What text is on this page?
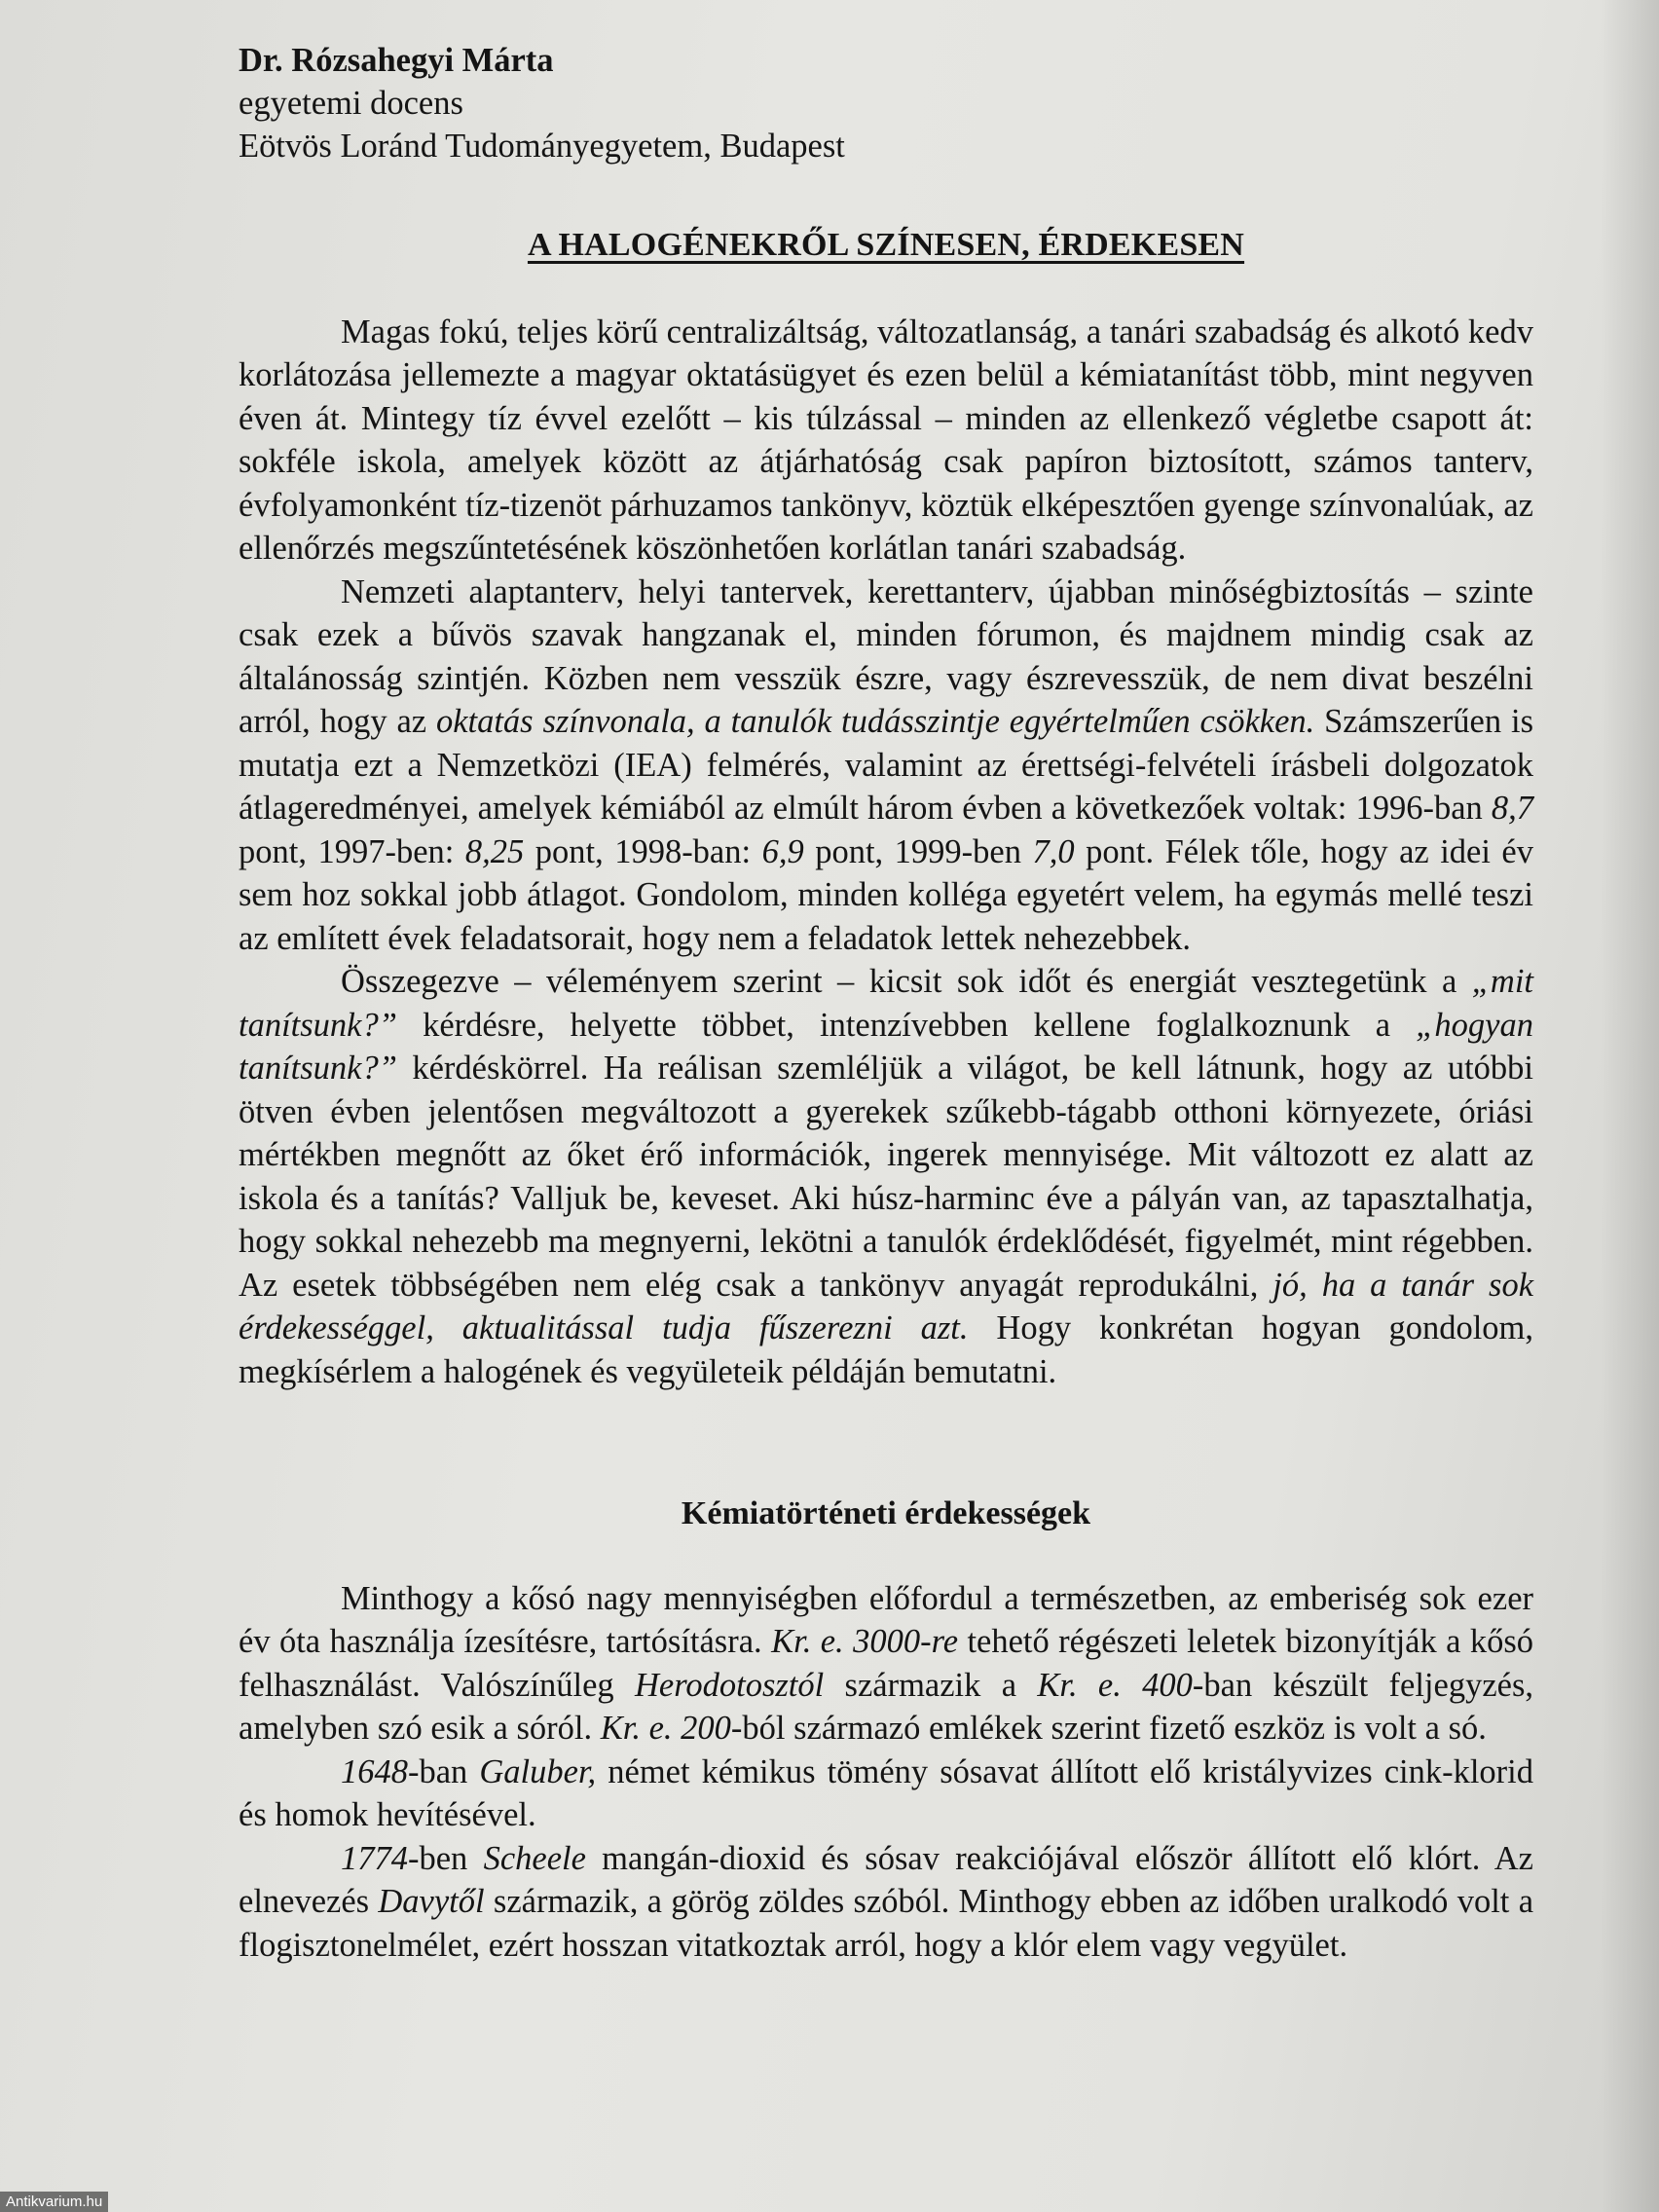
Dr. Rózsahegyi Márta
egyetemi docens
Eötvös Loránd Tudományegyetem, Budapest
A HALOGÉNEKRŐL SZÍNESEN, ÉRDEKESEN

Magas fokú, teljes körű centralizáltság, változatlanság, a tanári szabadság és alkotó kedv korlátozása jellemezte a magyar oktatásügyet és ezen belül a kémiatanítást több, mint negyven éven át. Mintegy tíz évvel ezelőtt – kis túlzással – minden az ellenkező végletbe csapott át: sokféle iskola, amelyek között az átjárhatóság csak papíron biztosított, számos tanterv, évfolyamonként tíz-tizenöt párhuzamos tankönyv, köztük elképesztően gyenge színvonalúak, az ellenőrzés megszűntetésének köszönhetően korlátlan tanári szabadság.

Nemzeti alaptanterv, helyi tantervek, kerettanterv, újabban minőségbiztosítás – szinte csak ezek a bűvös szavak hangzanak el, minden fórumon, és majdnem mindig csak az általánosság szintjén. Közben nem vesszük észre, vagy észrevesszük, de nem divat beszélni arról, hogy az oktatás színvonala, a tanulók tudásszintje egyértelműen csökken. Számszerűen is mutatja ezt a Nemzetközi (IEA) felmérés, valamint az érettségi-felvételi írásbeli dolgozatok átlageredményei, amelyek kémiából az elmúlt három évben a következőek voltak: 1996-ban 8,7 pont, 1997-ben: 8,25 pont, 1998-ban: 6,9 pont, 1999-ben 7,0 pont. Félek tőle, hogy az idei év sem hoz sokkal jobb átlagot. Gondolom, minden kolléga egyetért velem, ha egymás mellé teszi az említett évek feladatsorait, hogy nem a feladatok lettek nehezebbek.

Összegezve – véleményem szerint – kicsit sok időt és energiát vesztegetünk a „mit tanítsunk?” kérdésre, helyette többet, intenzívebben kellene foglalkoznunk a „hogyan tanítsunk?” kérdéskörrel. Ha reálisan szemléljük a világot, be kell látnunk, hogy az utóbbi ötven évben jelentősen megváltozott a gyerekek szűkebb-tágabb otthoni környezete, óriási mértékben megnőtt az őket érő információk, ingerek mennyisége. Mit változott ez alatt az iskola és a tanítás? Valljuk be, keveset. Aki húsz-harminc éve a pályán van, az tapasztalhatja, hogy sokkal nehezebb ma megnyerni, lekötni a tanulók érdeklődését, figyelmét, mint régebben. Az esetek többségében nem elég csak a tankönyv anyagát reprodukálni, jó, ha a tanár sok érdekességgel, aktualitással tudja fűszerezni azt. Hogy konkrétan hogyan gondolom, megkísérlem a halogének és vegyületeik példáján bemutatni.

Kémiatörténeti érdekességek

Minthogy a kősó nagy mennyiségben előfordul a természetben, az emberiség sok ezer év óta használja ízesítésre, tartósításra. Kr. e. 3000-re tehető régészeti leletek bizonyítják a kősó felhasználást. Valószínűleg Herodotosztól származik a Kr. e. 400-ban készült feljegyzés, amelyben szó esik a sóról. Kr. e. 200-ból származó emlékek szerint fizető eszköz is volt a só.

1648-ban Galuber, német kémikus tömény sósavat állított elő kristályvizes cink-klorid és homok hevítésével.

1774-ben Scheele mangán-dioxid és sósav reakciójával először állított elő klórt. Az elnevezés Davytől származik, a görög zöldes szóból. Minthogy ebben az időben uralkodó volt a flogisztonelmélet, ezért hosszan vitatkoztak arról, hogy a klór elem vagy vegyület.

Antikvarium.hu
